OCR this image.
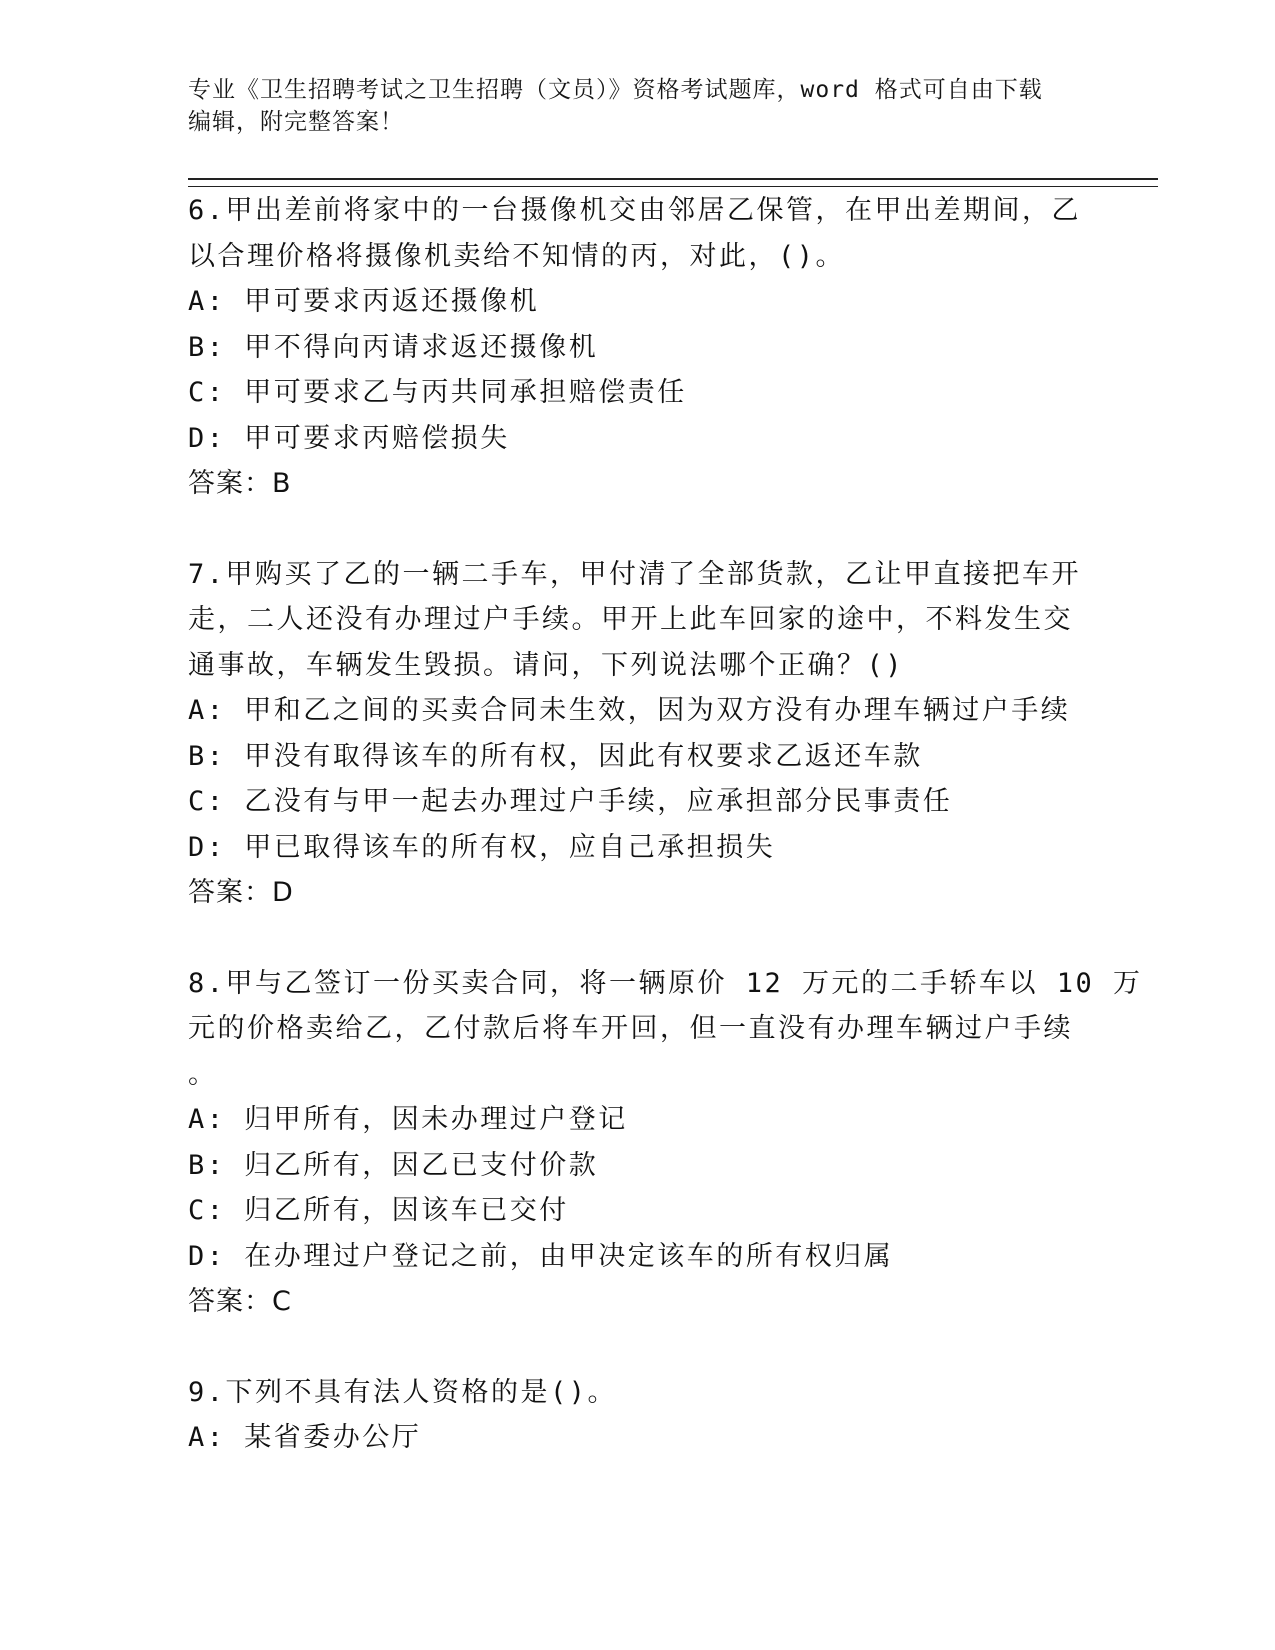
专业《卫生招聘考试之卫生招聘（文员）》资格考试题库，word 格式可自由下载
编辑，附完整答案！
6.甲出差前将家中的一台摄像机交由邻居乙保管，在甲出差期间，乙
以合理价格将摄像机卖给不知情的丙，对此，()。
A: 甲可要求丙返还摄像机
B: 甲不得向丙请求返还摄像机
C: 甲可要求乙与丙共同承担赔偿责任
D: 甲可要求丙赔偿损失
答案：B
7.甲购买了乙的一辆二手车，甲付清了全部货款，乙让甲直接把车开
走，二人还没有办理过户手续。甲开上此车回家的途中，不料发生交
通事故，车辆发生毁损。请问，下列说法哪个正确？()
A: 甲和乙之间的买卖合同未生效，因为双方没有办理车辆过户手续
B: 甲没有取得该车的所有权，因此有权要求乙返还车款
C: 乙没有与甲一起去办理过户手续，应承担部分民事责任
D: 甲已取得该车的所有权，应自己承担损失
答案：D
8.甲与乙签订一份买卖合同，将一辆原价 12 万元的二手轿车以 10 万
元的价格卖给乙，乙付款后将车开回，但一直没有办理车辆过户手续
。
A: 归甲所有，因未办理过户登记
B: 归乙所有，因乙已支付价款
C: 归乙所有，因该车已交付
D: 在办理过户登记之前，由甲决定该车的所有权归属
答案：C
9.下列不具有法人资格的是()。
A: 某省委办公厅
